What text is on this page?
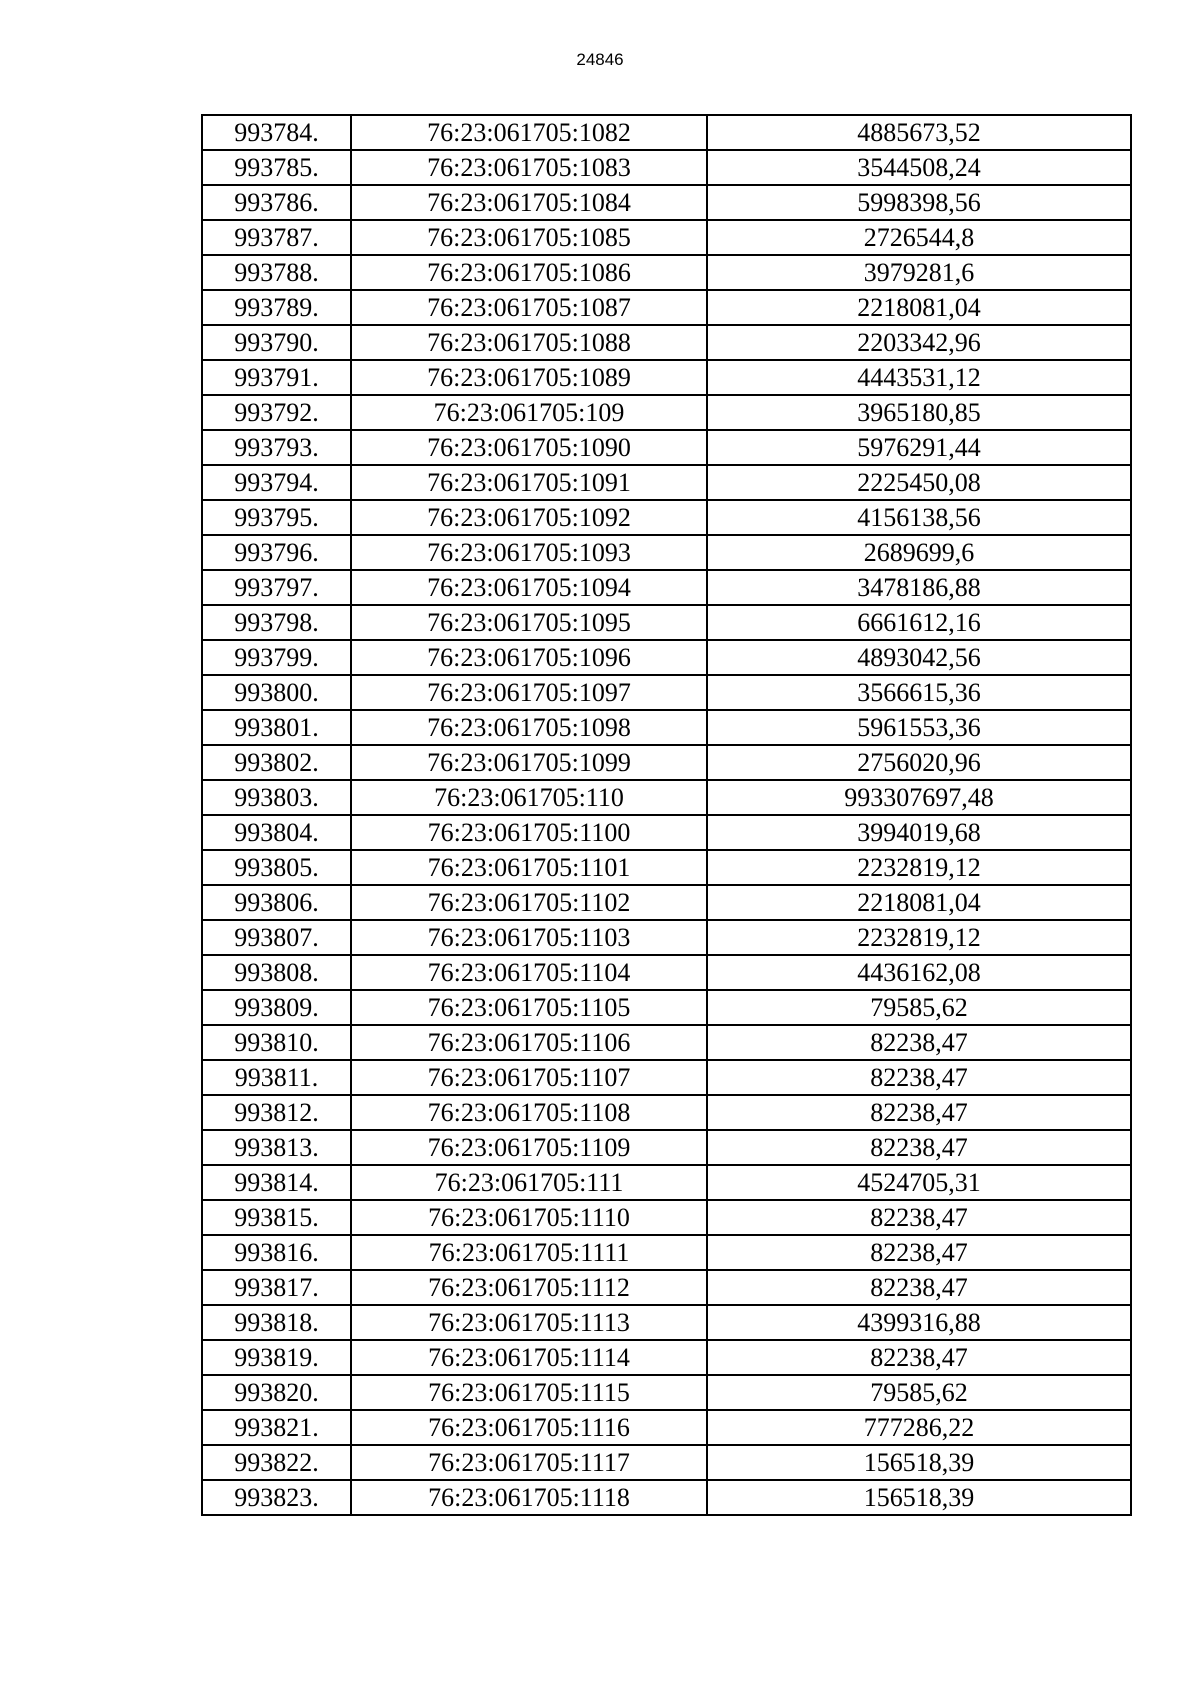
24846
993784.	76:23:061705:1082	4885673,52
993785.	76:23:061705:1083	3544508,24
993786.	76:23:061705:1084	5998398,56
993787.	76:23:061705:1085	2726544,8
993788.	76:23:061705:1086	3979281,6
993789.	76:23:061705:1087	2218081,04
993790.	76:23:061705:1088	2203342,96
993791.	76:23:061705:1089	4443531,12
993792.	76:23:061705:109	3965180,85
993793.	76:23:061705:1090	5976291,44
993794.	76:23:061705:1091	2225450,08
993795.	76:23:061705:1092	4156138,56
993796.	76:23:061705:1093	2689699,6
993797.	76:23:061705:1094	3478186,88
993798.	76:23:061705:1095	6661612,16
993799.	76:23:061705:1096	4893042,56
993800.	76:23:061705:1097	3566615,36
993801.	76:23:061705:1098	5961553,36
993802.	76:23:061705:1099	2756020,96
993803.	76:23:061705:110	993307697,48
993804.	76:23:061705:1100	3994019,68
993805.	76:23:061705:1101	2232819,12
993806.	76:23:061705:1102	2218081,04
993807.	76:23:061705:1103	2232819,12
993808.	76:23:061705:1104	4436162,08
993809.	76:23:061705:1105	79585,62
993810.	76:23:061705:1106	82238,47
993811.	76:23:061705:1107	82238,47
993812.	76:23:061705:1108	82238,47
993813.	76:23:061705:1109	82238,47
993814.	76:23:061705:111	4524705,31
993815.	76:23:061705:1110	82238,47
993816.	76:23:061705:1111	82238,47
993817.	76:23:061705:1112	82238,47
993818.	76:23:061705:1113	4399316,88
993819.	76:23:061705:1114	82238,47
993820.	76:23:061705:1115	79585,62
993821.	76:23:061705:1116	777286,22
993822.	76:23:061705:1117	156518,39
993823.	76:23:061705:1118	156518,39
